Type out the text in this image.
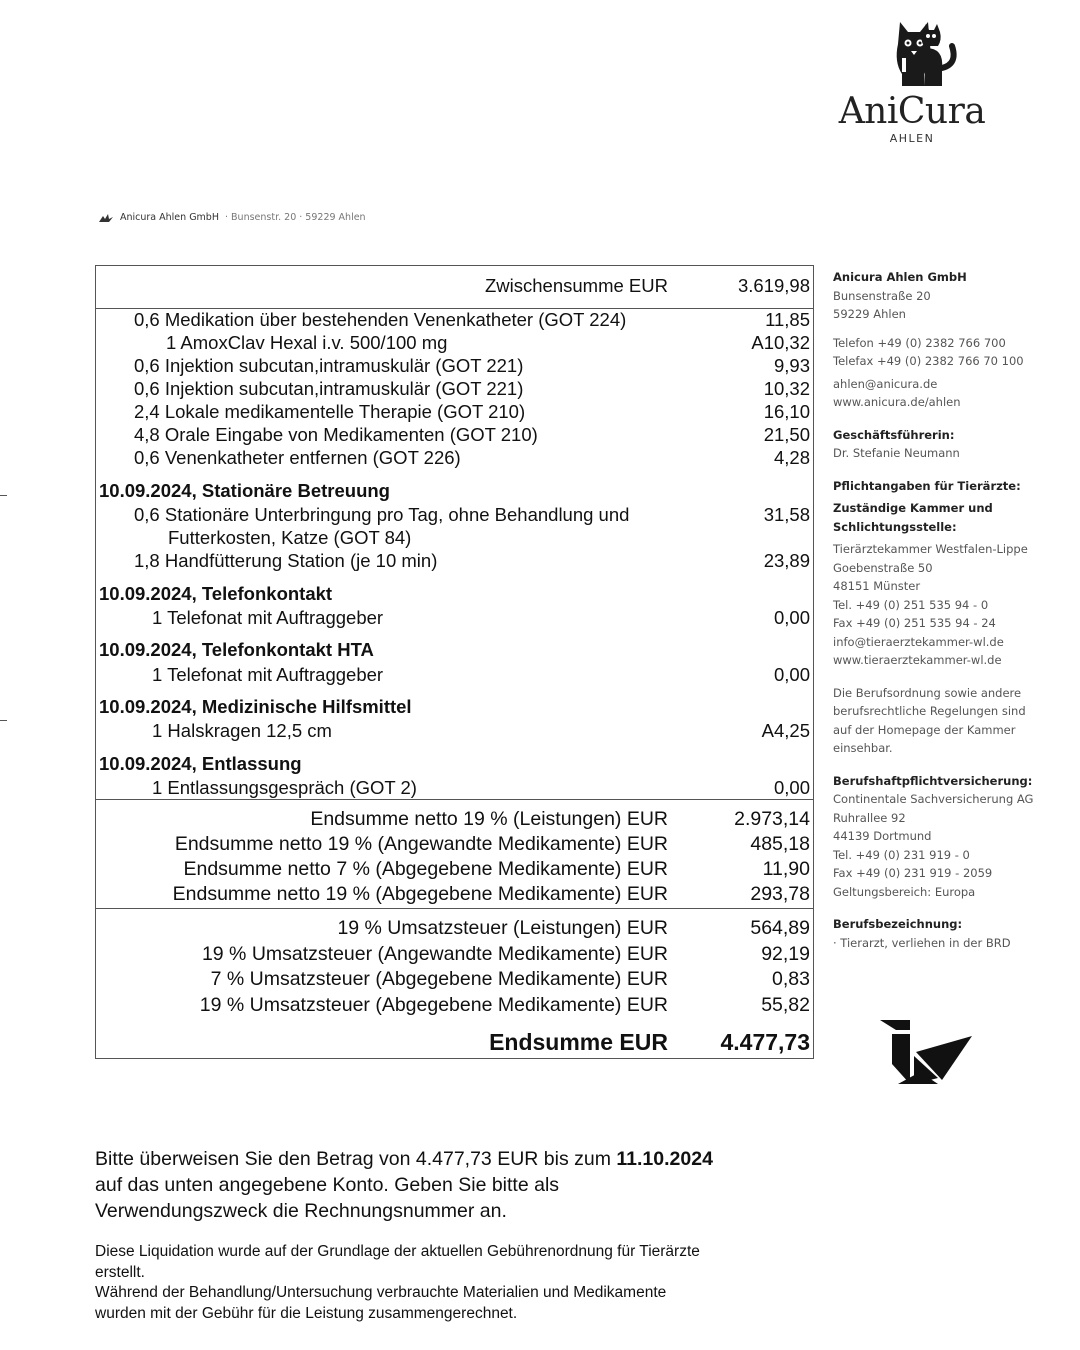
AniCura
AHLEN
Anicura Ahlen GmbH · Bunsenstr. 20 · 59229 Ahlen
Zwischensumme EUR	3.619,98
0,6 Medikation über bestehenden Venenkatheter (GOT 224)	11,85
1 AmoxClav Hexal i.v. 500/100 mg	A10,32
0,6 Injektion subcutan,intramuskulär (GOT 221)	9,93
0,6 Injektion subcutan,intramuskulär (GOT 221)	10,32
2,4 Lokale medikamentelle Therapie (GOT 210)	16,10
4,8 Orale Eingabe von Medikamenten (GOT 210)	21,50
0,6 Venenkatheter entfernen (GOT 226)	4,28
10.09.2024, Stationäre Betreuung
0,6 Stationäre Unterbringung pro Tag, ohne Behandlung und	31,58
Futterkosten, Katze (GOT 84)
1,8 Handfütterung Station (je 10 min)	23,89
10.09.2024, Telefonkontakt
1 Telefonat mit Auftraggeber	0,00
10.09.2024, Telefonkontakt HTA
1 Telefonat mit Auftraggeber	0,00
10.09.2024, Medizinische Hilfsmittel
1 Halskragen 12,5 cm	A4,25
10.09.2024, Entlassung
1 Entlassungsgespräch (GOT 2)	0,00
Endsumme netto 19 % (Leistungen) EUR	2.973,14
Endsumme netto 19 % (Angewandte Medikamente) EUR	485,18
Endsumme netto 7 % (Abgegebene Medikamente) EUR	11,90
Endsumme netto 19 % (Abgegebene Medikamente) EUR	293,78
19 % Umsatzsteuer (Leistungen) EUR	564,89
19 % Umsatzsteuer (Angewandte Medikamente) EUR	92,19
7 % Umsatzsteuer (Abgegebene Medikamente) EUR	0,83
19 % Umsatzsteuer (Abgegebene Medikamente) EUR	55,82
Endsumme EUR 4.477,73
Anicura Ahlen GmbH
Bunsenstraße 20
59229 Ahlen
Telefon +49 (0) 2382 766 700
Telefax +49 (0) 2382 766 70 100
ahlen@anicura.de
www.anicura.de/ahlen
Geschäftsführerin:
Dr. Stefanie Neumann
Pflichtangaben für Tierärzte:
Zuständige Kammer und
Schlichtungsstelle:
Tierärztekammer Westfalen-Lippe
Goebenstraße 50
48151 Münster
Tel. +49 (0) 251 535 94 - 0
Fax +49 (0) 251 535 94 - 24
info@tieraerztekammer-wl.de
www.tieraerztekammer-wl.de
Die Berufsordnung sowie andere
berufsrechtliche Regelungen sind
auf der Homepage der Kammer
einsehbar.
Berufshaftpflichtversicherung:
Continentale Sachversicherung AG
Ruhrallee 92
44139 Dortmund
Tel. +49 (0) 231 919 - 0
Fax +49 (0) 231 919 - 2059
Geltungsbereich: Europa
Berufsbezeichnung:
· Tierarzt, verliehen in der BRD
Bitte überweisen Sie den Betrag von 4.477,73 EUR bis zum 11.10.2024
auf das unten angegebene Konto. Geben Sie bitte als
Verwendungszweck die Rechnungsnummer an.
Diese Liquidation wurde auf der Grundlage der aktuellen Gebührenordnung für Tierärzte
erstellt.
Während der Behandlung/Untersuchung verbrauchte Materialien und Medikamente
wurden mit der Gebühr für die Leistung zusammengerechnet.
